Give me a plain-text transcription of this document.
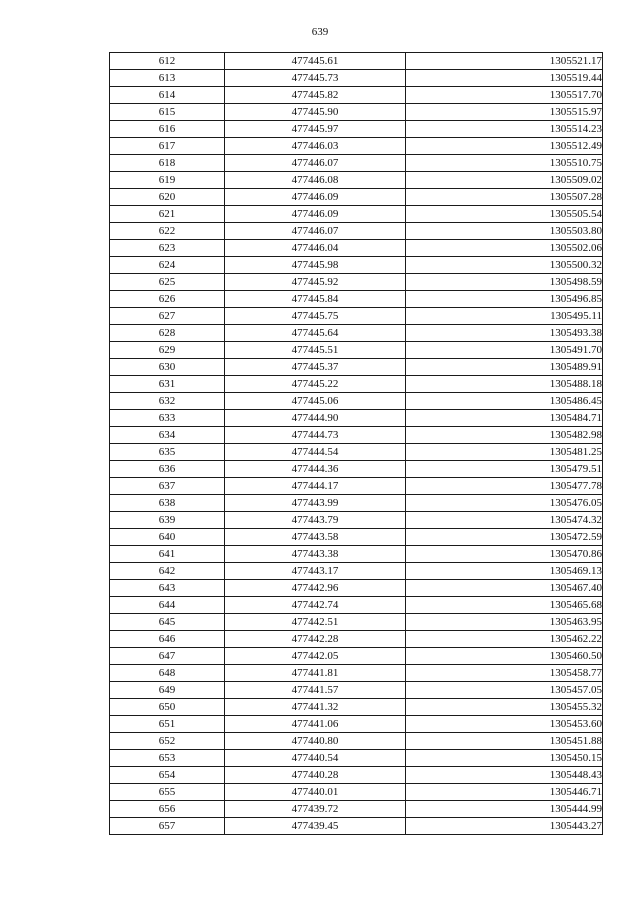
639
612	477445.61	1305521.17
613	477445.73	1305519.44
614	477445.82	1305517.70
615	477445.90	1305515.97
616	477445.97	1305514.23
617	477446.03	1305512.49
618	477446.07	1305510.75
619	477446.08	1305509.02
620	477446.09	1305507.28
621	477446.09	1305505.54
622	477446.07	1305503.80
623	477446.04	1305502.06
624	477445.98	1305500.32
625	477445.92	1305498.59
626	477445.84	1305496.85
627	477445.75	1305495.11
628	477445.64	1305493.38
629	477445.51	1305491.70
630	477445.37	1305489.91
631	477445.22	1305488.18
632	477445.06	1305486.45
633	477444.90	1305484.71
634	477444.73	1305482.98
635	477444.54	1305481.25
636	477444.36	1305479.51
637	477444.17	1305477.78
638	477443.99	1305476.05
639	477443.79	1305474.32
640	477443.58	1305472.59
641	477443.38	1305470.86
642	477443.17	1305469.13
643	477442.96	1305467.40
644	477442.74	1305465.68
645	477442.51	1305463.95
646	477442.28	1305462.22
647	477442.05	1305460.50
648	477441.81	1305458.77
649	477441.57	1305457.05
650	477441.32	1305455.32
651	477441.06	1305453.60
652	477440.80	1305451.88
653	477440.54	1305450.15
654	477440.28	1305448.43
655	477440.01	1305446.71
656	477439.72	1305444.99
657	477439.45	1305443.27
